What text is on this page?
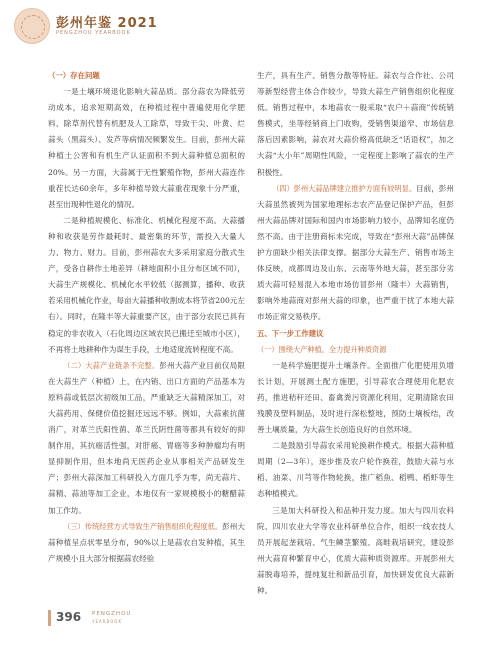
彭州年鉴 2021
PENGZHOU YEARBOOK

（一）存在问题

一是土壤环境退化影响大蒜品质。部分蒜农为降低劳动成本，追求短期高效，在种植过程中普遍使用化学肥料、除草剂代替有机肥及人工除草，导致干尖、叶黄、烂蒜头（黑蒜头）、发芦等病情况频繁发生。目前，彭州大蒜种植土公害和有机生产认证面积不到大蒜种植总面积的20%。另一方面，大蒜属于无性繁殖作物，彭州大蒜连作重茬长达60余年，多年种植导致大蒜重茬现象十分严重，甚至出现种性退化的情况。

二是种植规模化、标准化、机械化程度不高。大蒜播种和收获是劳作最耗时、最密集的环节，需投入大量人力、物力、财力。目前，彭州蒜农大多采用家庭分散式生产，受各自耕作土地差异（耕地面积小且分布区域不同），大蒜生产规模化、机械化水平较低（据测算，播种、收获若采用机械化作业，每亩大蒜播种收割成本将节省200元左右）。同时，在隆丰等大蒜重要产区，由于部分农民已具有稳定的非农收入（石化周边区域农民已搬迁至城市小区），不再将土地耕种作为谋生手段，土地适度流转程度不高。

（二）大蒜产业链条不完整。彭州大蒜产业目前仅局限在大蒜生产（种植）上，在内销、出口方面的产品基本为原料蒜或低层次初级加工品，严重缺乏大蒜精深加工，对大蒜药用、保健价值挖掘还远远不够。例如，大蒜素抗菌消广，对革兰氏阳性菌、革兰氏阴性菌等都具有较好的抑制作用，其抗癌活性强，对肝癌、胃癌等多种肿瘤均有明显抑制作用，但本地尚无医药企业从事相关产品研发生产；彭州大蒜深加工科研投入方面几乎为零，尚无蒜片、蒜精、蒜油等加工企业，本地仅有一家规模极小的糖醋蒜加工作坊。

（三）传统经营方式导致生产销售组织化程度低。彭州大蒜种植呈点状零星分布，90%以上是蒜农自发种植，其生产规模小且大部分根据蒜农经验

生产，具有生产、销售分散等特征。蒜农与合作社、公司等新型经营主体合作较少，导致大蒜生产销售组织化程度低。销售过程中，本地蒜农一般采取“农户＋蒜商”传统销售模式，坐等经销商上门收购，受销售渠道窄、市场信息落后因素影响，蒜农对大蒜价格高低缺乏“话语权”，加之大蒜“大小年”周期性风险，一定程度上影响了蒜农的生产积极性。

（四）彭州大蒜品牌建立推护方面有较明显。目前，彭州大蒜虽然被列为国家地理标志农产品登记保护产品，但彭州大蒜品牌对国际和国内市场影响力较小，品牌知名度仍然不高。由于注册商标未完成，导致在“彭州大蒜”品牌保护方面缺少相关法律支撑。据部分大蒜生产、销售市场主体反映，成都周边及山东、云南等外地大蒜，甚至部分劣质大蒜可轻易混入本地市场仿冒彭州（隆丰）大蒜销售，影响外地蒜商对彭州大蒜的印象，也严重干扰了本地大蒜市场正常交易秩序。

五、下一步工作建议

（一）围绕大产种植，全力提升种质资源

一是科学施肥提升土壤条件。全面推广化肥使用负增长计划，开展测土配方施肥，引导蒜农合理使用化肥农药，推进秸秆还田、畜禽粪污资源化利用，定期清除农田残膜及塑料制品，及时进行深松整地，预防土壤板结，改善土壤质量，为大蒜生长创造良好的自然环境。

二是鼓励引导蒜农采用轮换耕作模式。根据大蒜种植周期（2—3年），逐步推及农户轮作换茬，鼓励大蒜与水稻、油菜、川芎等作物轮换，推广稻魚、稻鸭、稻虾等生态种植模式。

三是加大科研投入和品种开发力度。加大与四川农科院、四川农业大学等农业科研单位合作，组织一线农技人员开展起垄栽培、气生鳞茎繁殖、高畦栽培研究，建设彭州大蒜育种繁育中心，优质大蒜种质资源库。开展彭州大蒜脱毒培养，提纯复壮和新品引育，加快研发优良大蒜新种。

396 PENGZHOU
YEARBOOK
